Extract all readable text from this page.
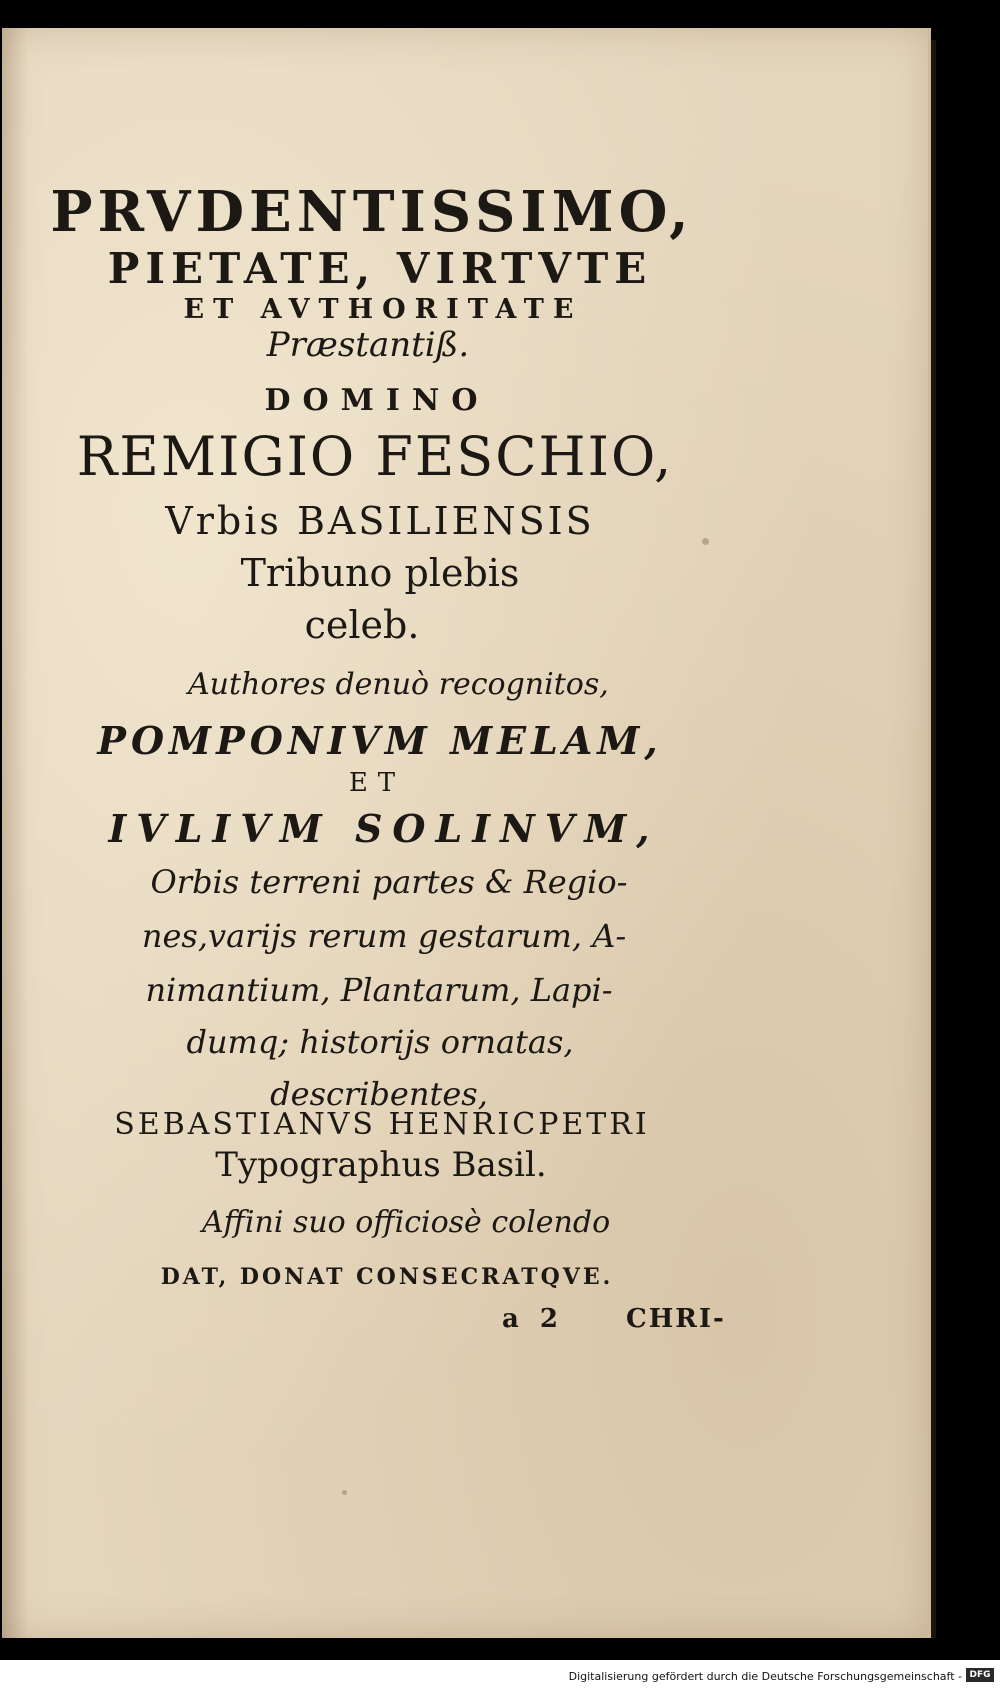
PRVDENTISSIMO,
PIETATE, VIRTVTE
ET AVTHORITATE
Præstantiß.
DOMINO
REMIGIO FESCHIO,
Vrbis BASILIENSIS
Tribuno plebis
celeb.
Authores denuò recognitos,
POMPONIVM MELAM,
ET
IVLIVM SOLINVM,
Orbis terreni partes & Regio-
nes,varijs rerum gestarum, A-
nimantium, Plantarum, Lapi-
dumq; historijs ornatas,
describentes,
SEBASTIANVS HENRICPETRI
Typographus Basil.
Affini suo officiosè colendo
DAT, DONAT CONSECRATQVE.
a 2 CHRI-
Digitalisierung gefördert durch die Deutsche Forschungsgemeinschaft - DFG
